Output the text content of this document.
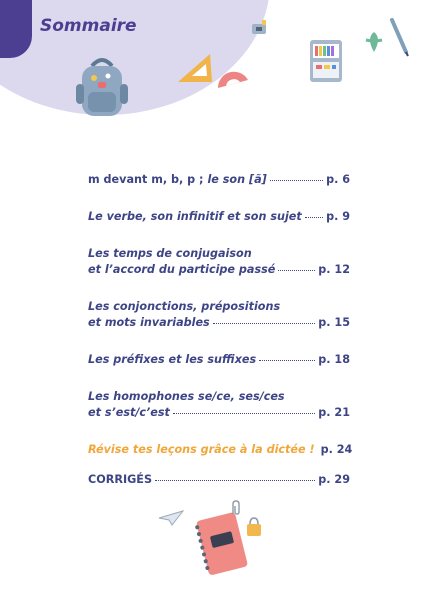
Sommaire
m devant m, b, p ; le son [ã]	p. 6
Le verbe, son infinitif et son sujet p. 9
Les temps de conjugaison
et l’accord du participe passé	p. 12
Les conjonctions, prépositions
et mots invariables	p. 15
Les préfixes et les suffixes	p. 18
Les homophones se/ce, ses/ces
et s’est/c’est	p. 21
Révise tes leçons grâce à la dictée ! p. 24
CORRIGÉS	p. 29
